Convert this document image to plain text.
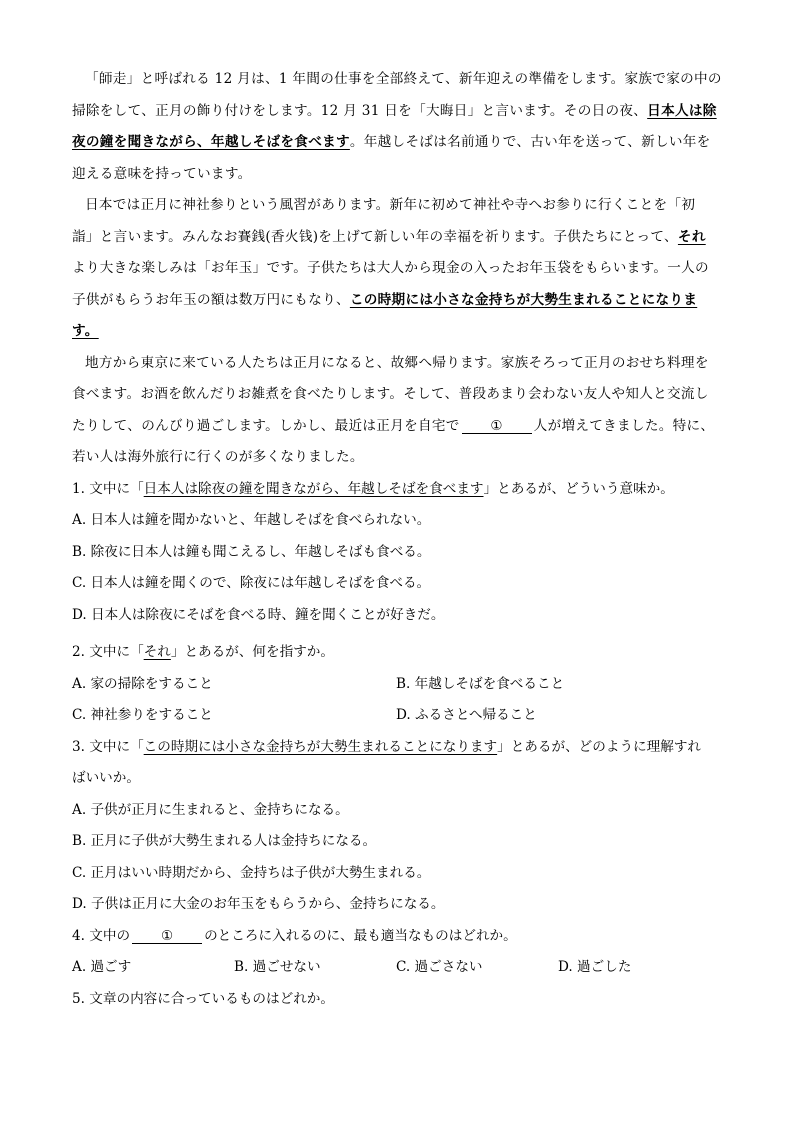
「師走」と呼ばれる 12 月は、1 年間の仕事を全部終えて、新年迎えの準備をします。家族で家の中の

掃除をして、正月の飾り付けをします。12 月 31 日を「大晦日」と言います。その日の夜、日本人は除

夜の鐘を聞きながら、年越しそばを食べます。年越しそばは名前通りで、古い年を送って、新しい年を

迎える意味を持っています。

日本では正月に神社参りという風習があります。新年に初めて神社や寺へお参りに行くことを「初

詣」と言います。みんなお賽銭(香火钱)を上げて新しい年の幸福を祈ります。子供たちにとって、それ

より大きな楽しみは「お年玉」です。子供たちは大人から現金の入ったお年玉袋をもらいます。一人の

子供がもらうお年玉の額は数万円にもなり、この時期には小さな金持ちが大勢生まれることになりま

す。

地方から東京に来ている人たちは正月になると、故郷へ帰ります。家族そろって正月のおせち料理を

食べます。お酒を飲んだりお雑煮を食べたりします。そして、普段あまり会わない友人や知人と交流し

たりして、のんびり過ごします。しかし、最近は正月を自宅で ① 人が増えてきました。特に、

若い人は海外旅行に行くのが多くなりました。

1. 文中に「日本人は除夜の鐘を聞きながら、年越しそばを食べます」とあるが、どういう意味か。
A. 日本人は鐘を聞かないと、年越しそばを食べられない。
B. 除夜に日本人は鐘も聞こえるし、年越しそばも食べる。
C. 日本人は鐘を聞くので、除夜には年越しそばを食べる。
D. 日本人は除夜にそばを食べる時、鐘を聞くことが好きだ。
2. 文中に「それ」とあるが、何を指すか。
A. 家の掃除をすること	B. 年越しそばを食べること
C. 神社参りをすること	D. ふるさとへ帰ること
3. 文中に「この時期には小さな金持ちが大勢生まれることになります」とあるが、どのように理解すれ
ばいいか。
A. 子供が正月に生まれると、金持ちになる。
B. 正月に子供が大勢生まれる人は金持ちになる。
C. 正月はいい時期だから、金持ちは子供が大勢生まれる。
D. 子供は正月に大金のお年玉をもらうから、金持ちになる。
4. 文中の ① のところに入れるのに、最も適当なものはどれか。
A. 過ごす	B. 過ごせない	C. 過ごさない	D. 過ごした
5. 文章の内容に合っているものはどれか。
